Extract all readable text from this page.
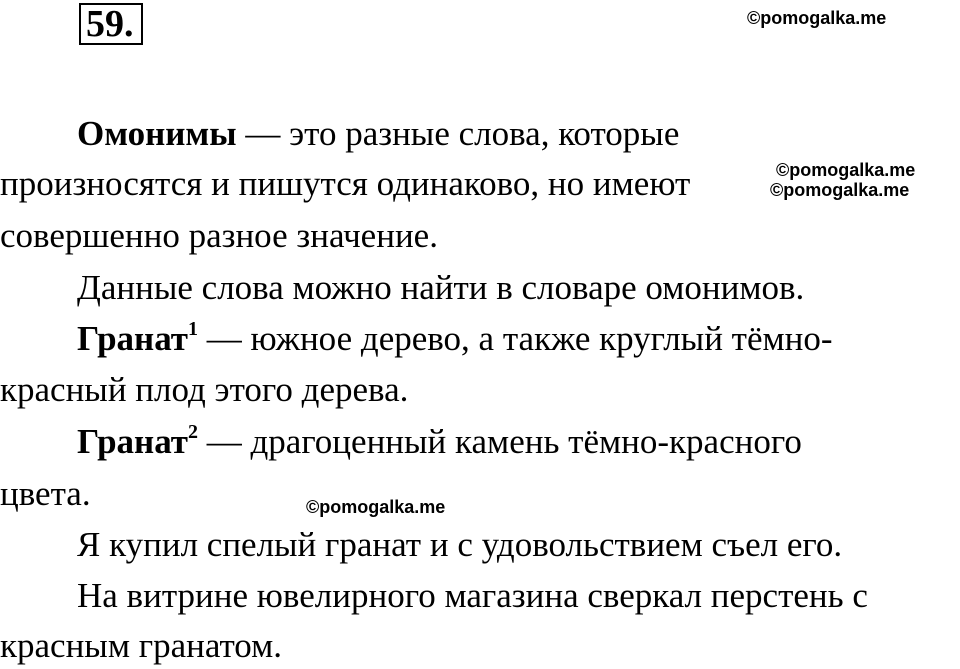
59.	©pomogalka.me
Омонимы — это разные слова, которые
произносятся и пишутся одинаково, но имеют	©pomogalka.me
©pomogalka.me
совершенно разное значение.
Данные слова можно найти в словаре омонимов.
Гранат$^1$ — южное дерево, а также круглый тёмно-
красный плод этого дерева.
Гранат$^2$ — драгоценный камень тёмно-красного
цвета.	©pomogalka.me
Я купил спелый гранат и с удовольствием съел его.
На витрине ювелирного магазина сверкал перстень с
красным гранатом.
